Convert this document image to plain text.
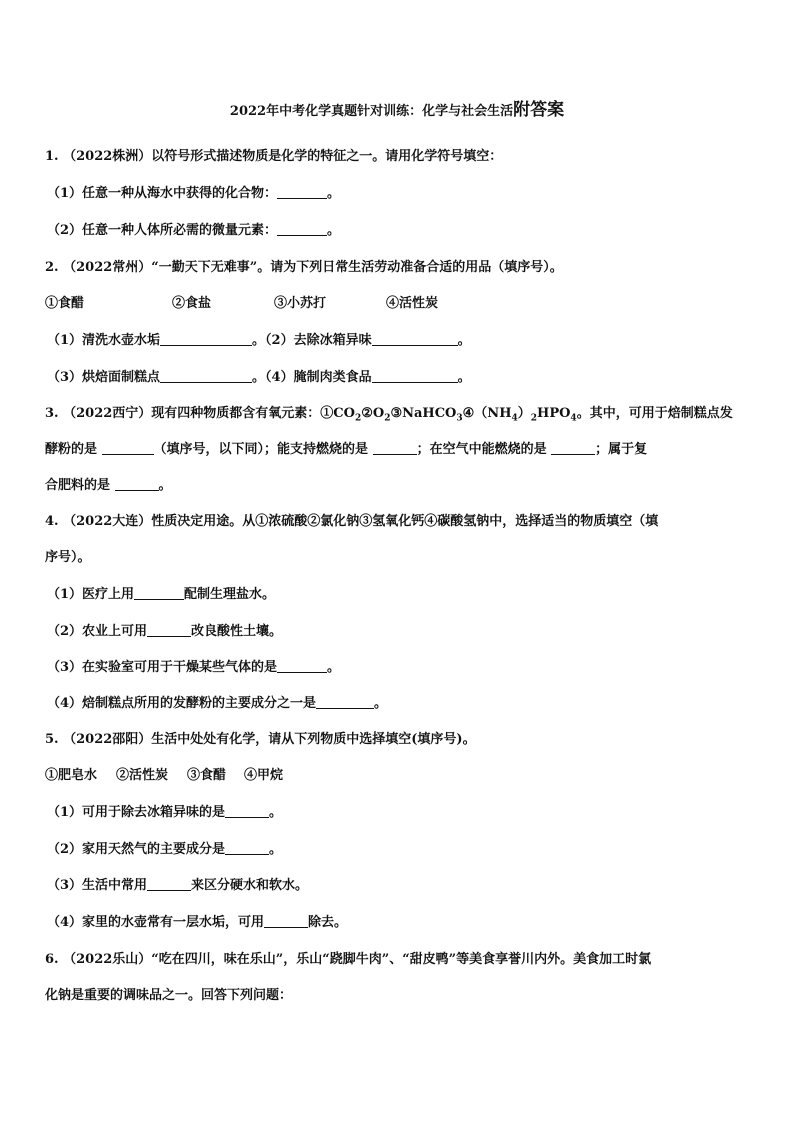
2022年中考化学真题针对训练：化学与社会生活附答案
1. （2022株洲）以符号形式描述物质是化学的特征之一。请用化学符号填空：
（1）任意一种从海水中获得的化合物：	。
（2）任意一种人体所必需的微量元素：	。
2. （2022常州）“一勤天下无难事”。请为下列日常生活劳动准备合适的用品（填序号）。
①食醋	②食盐	③小苏打	④活性炭
（1）清洗水壶水垢	。（2）去除冰箱异味	。
（3）烘焙面制糕点	。（4）腌制肉类食品	。
3. （2022西宁）现有四种物质都含有氧元素：$①CO_2②O_2③NaHCO_3④(NH_4)_2HPO_4$。其中，可用于焙制糕点发
酵粉的是	（填序号，以下同）；能支持燃烧的是	；在空气中能燃烧的是	；属于复
合肥料的是	。
4. （2022大连）性质决定用途。从①浓硫酸②氯化钠③氢氧化钙④碳酸氢钠中，选择适当的物质填空（填
序号）。
（1）医疗上用	配制生理盐水。
（2）农业上可用	改良酸性土壤。
（3）在实验室可用于干燥某些气体的是	。
（4）焙制糕点所用的发酵粉的主要成分之一是	。
5. （2022邵阳）生活中处处有化学，请从下列物质中选择填空(填序号)。
①肥皂水 ②活性炭 ③食醋 ④甲烷
（1）可用于除去冰箱异味的是	。
（2）家用天然气的主要成分是	。
（3）生活中常用	来区分硬水和软水。
（4）家里的水壶常有一层水垢，可用	除去。
6. （2022乐山）“吃在四川，味在乐山”，乐山“跷脚牛肉”、“甜皮鸭”等美食享誉川内外。美食加工时氯
化钠是重要的调味品之一。回答下列问题：
